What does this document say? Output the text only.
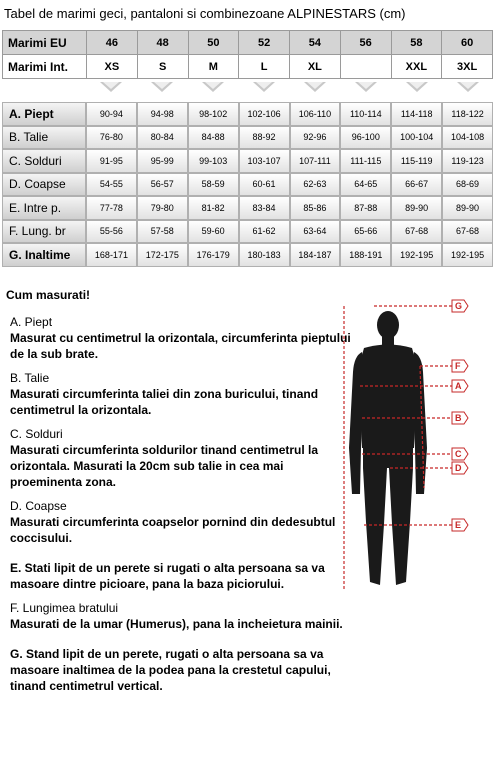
Tabel de marimi geci, pantaloni si combinezoane ALPINESTARS (cm)
Marimi EU	46	48	50	52	54	56	58	60
Marimi Int.	XS	S	M	L	XL		XXL	3XL
A. Piept	90-94	94-98	98-102	102-106	106-110	110-114	114-118	118-122
B. Talie	76-80	80-84	84-88	88-92	92-96	96-100	100-104	104-108
C. Solduri	91-95	95-99	99-103	103-107	107-111	111-115	115-119	119-123
D. Coapse	54-55	56-57	58-59	60-61	62-63	64-65	66-67	68-69
E. Intre p.	77-78	79-80	81-82	83-84	85-86	87-88	89-90	89-90
F. Lung. br	55-56	57-58	59-60	61-62	63-64	65-66	67-68	67-68
G. Inaltime	168-171	172-175	176-179	180-183	184-187	188-191	192-195	192-195
Cum masurati!
A. Piept
Masurat cu centimetrul la orizontala, circumferinta pieptului de la sub brate.
B. Talie
Masurati circumferinta taliei din zona buricului, tinand centimetrul la orizontala.
C. Solduri
Masurati circumferinta soldurilor tinand centimetrul la orizontala. Masurati la 20cm sub talie in cea mai proeminenta zona.
D. Coapse
Masurati circumferinta coapselor pornind din dedesubtul coccisului.
E. Stati lipit de un perete si rugati o alta persoana sa va masoare dintre picioare, pana la baza piciorului.
F. Lungimea bratului
Masurati de la umar (Humerus), pana la incheietura mainii.
G. Stand lipit de un perete, rugati o alta persoana sa va masoare inaltimea de la podea pana la crestetul capului, tinand centimetrul vertical.
G
F
A
B
C
D
E
